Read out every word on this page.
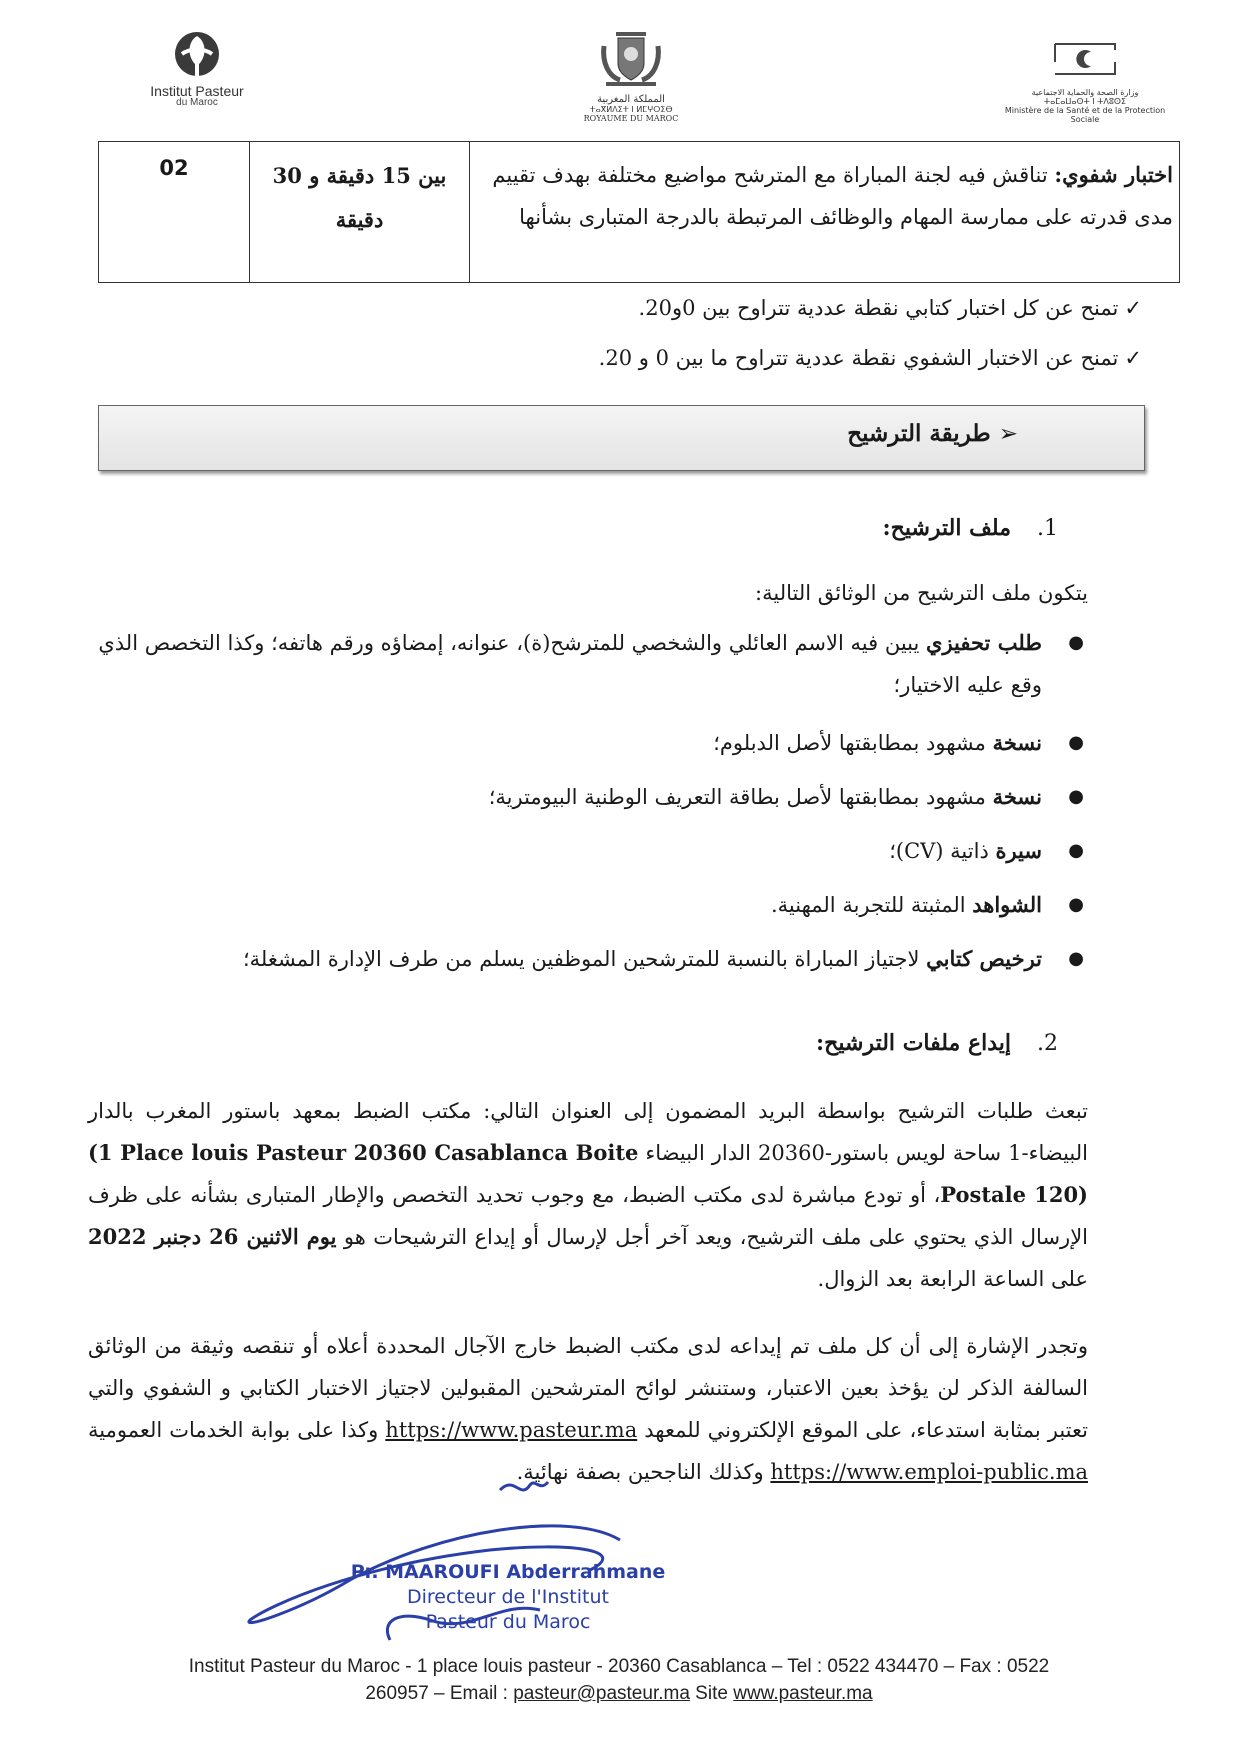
Institut Pasteur
du Maroc	المملكة المغربية
ⵜⴰⴳⵍⴷⵉⵜ ⵏ ⵍⵎⵖⵔⵉⴱ
ROYAUME DU MAROC
وزارة الصحة والحماية الاجتماعية
ⵜⴰⵎⴰⵡⴰⵙⵜ ⵏ ⵜⴷⵓⵙⵉ
Ministère de la Santé et de la Protection Sociale
اختبار شفوي: تناقش فيه لجنة المباراة مع المترشح مواضيع مختلفة بهدف تقييم مدى قدرته على ممارسة المهام والوظائف المرتبطة بالدرجة المتبارى بشأنها
بين 15 دقيقة و 30 دقيقة
02
✓تمنح عن كل اختبار كتابي نقطة عددية تتراوح بين 0و20.
✓تمنح عن الاختبار الشفوي نقطة عددية تتراوح ما بين 0 و 20.
➢طريقة الترشيح
1.ملف الترشيح:
يتكون ملف الترشيح من الوثائق التالية:
●
طلب تحفيزي يبين فيه الاسم العائلي والشخصي للمترشح(ة)، عنوانه، إمضاؤه ورقم هاتفه؛ وكذا التخصص الذي وقع عليه الاختيار؛
●
نسخة مشهود بمطابقتها لأصل الدبلوم؛
●
نسخة مشهود بمطابقتها لأصل بطاقة التعريف الوطنية البيومترية؛
●
سيرة ذاتية (CV)؛
●
الشواهد المثبتة للتجربة المهنية.
●
ترخيص كتابي لاجتياز المباراة بالنسبة للمترشحين الموظفين يسلم من طرف الإدارة المشغلة؛
2.إيداع ملفات الترشيح:
تبعث طلبات الترشيح بواسطة البريد المضمون إلى العنوان التالي: مكتب الضبط بمعهد باستور المغرب بالدار البيضاء-1 ساحة لويس باستور-20360 الدار البيضاء (1 Place louis Pasteur 20360 Casablanca Boite Postale 120)، أو تودع مباشرة لدى مكتب الضبط، مع وجوب تحديد التخصص والإطار المتبارى بشأنه على ظرف الإرسال الذي يحتوي على ملف الترشيح، ويعد آخر أجل لإرسال أو إيداع الترشيحات هو يوم الاثنين 26 دجنبر 2022 على الساعة الرابعة بعد الزوال.
وتجدر الإشارة إلى أن كل ملف تم إيداعه لدى مكتب الضبط خارج الآجال المحددة أعلاه أو تنقصه وثيقة من الوثائق السالفة الذكر لن يؤخذ بعين الاعتبار، وستنشر لوائح المترشحين المقبولين لاجتياز الاختبار الكتابي و الشفوي والتي تعتبر بمثابة استدعاء، على الموقع الإلكتروني للمعهد https://www.pasteur.ma وكذا على بوابة الخدمات العمومية https://www.emploi-public.ma وكذلك الناجحين بصفة نهائية.
Pr. MAAROUFI Abderrahmane
Directeur de l'Institut
Pasteur du Maroc
Institut Pasteur du Maroc - 1 place louis pasteur - 20360 Casablanca – Tel : 0522 434470 – Fax : 0522
260957 – Email : pasteur@pasteur.ma Site www.pasteur.ma
